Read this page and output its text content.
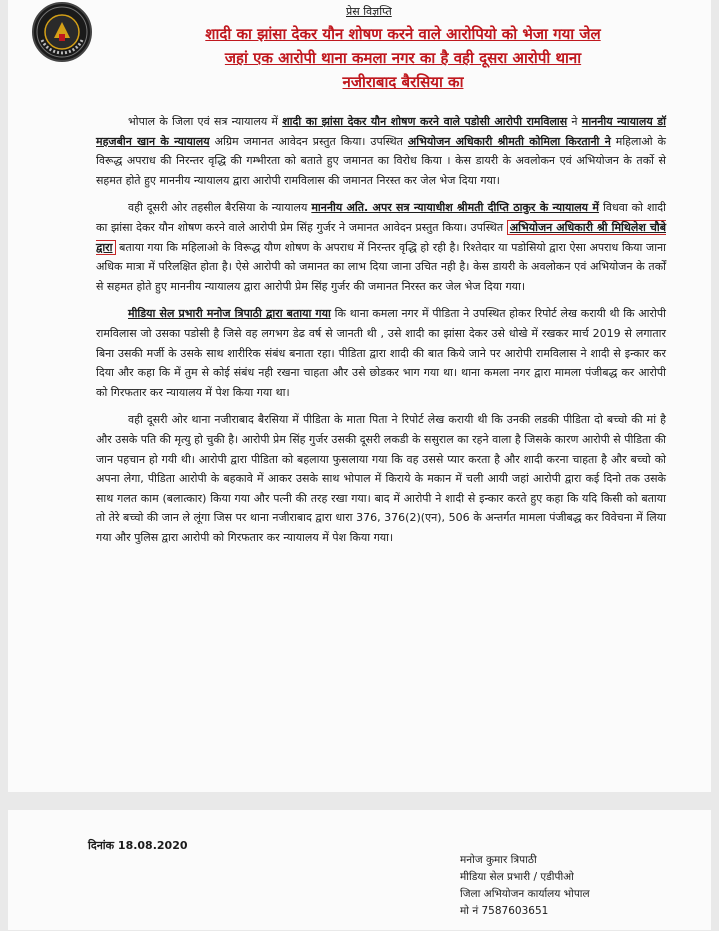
प्रेस विज्ञप्ति
शादी का झांसा देकर यौन शोषण करने वाले आरोपियो को भेजा गया जेल
जहां एक आरोपी थाना कमला नगर का है वही दूसरा आरोपी थाना
नजीराबाद बैरसिया का

भोपाल के जिला एवं सत्र न्यायालय में शादी का झांसा देकर यौन शोषण करने वाले पडोसी आरोपी रामविलास ने माननीय न्यायालय डॉ महजबीन खान के न्यायालय अग्रिम जमानत आवेदन प्रस्तुत किया। उपस्थित अभियोजन अधिकारी श्रीमती कोमिला किरतानी ने महिलाओ के विरूद्ध अपराध की निरन्तर वृद्धि की गम्भीरता को बताते हुए जमानत का विरोध किया । केस डायरी के अवलोकन एवं अभियोजन के तर्को से सहमत होते हुए माननीय न्यायालय द्वारा आरोपी रामविलास की जमानत निरस्त कर जेल भेज दिया गया।

वही दूसरी ओर तहसील बैरसिया के न्यायालय माननीय अति. अपर सत्र न्यायाधीश श्रीमती दीप्ति ठाकुर के न्यायालय में विधवा को शादी का झांसा देकर यौन शोषण करने वाले आरोपी प्रेम सिंह गुर्जर ने जमानत आवेदन प्रस्तुत किया। उपस्थित अभियोजन अधिकारी श्री मिथिलेश चौबे द्वारा बताया गया कि महिलाओ के विरूद्ध यौण शोषण के अपराध में निरन्तर वृद्धि हो रही है। रिश्तेदार या पडोसियो द्वारा ऐसा अपराध किया जाना अधिक मात्रा में परिलक्षित होता है। ऐसे आरोपी को जमानत का लाभ दिया जाना उचित नही है। केस डायरी के अवलोकन एवं अभियोजन के तर्कों से सहमत होते हुए माननीय न्यायालय द्वारा आरोपी प्रेम सिंह गुर्जर की जमानत निरस्त कर जेल भेज दिया गया।

मीडिया सेल प्रभारी मनोज त्रिपाठी द्वारा बताया गया कि थाना कमला नगर में पीडिता ने उपस्थित होकर रिपोर्ट लेख करायी थी कि आरोपी रामविलास जो उसका पडोसी है जिसे वह लगभग डेढ वर्ष से जानती थी , उसे शादी का झांसा देकर उसे धोखे में रखकर मार्च 2019 से लगातार बिना उसकी मर्जी के उसके साथ शारीरिक संबंध बनाता रहा। पीडिता द्वारा शादी की बात किये जाने पर आरोपी रामविलास ने शादी से इन्कार कर दिया और कहा कि में तुम से कोई संबंध नही रखना चाहता और उसे छोडकर भाग गया था। थाना कमला नगर द्वारा मामला पंजीबद्ध कर आरोपी को गिरफतार कर न्यायालय में पेश किया गया था।

वही दूसरी ओर थाना नजीराबाद बैरसिया में पीडिता के माता पिता ने रिपोर्ट लेख करायी थी कि उनकी लडकी पीडिता दो बच्चो की मां है और उसके पति की मृत्यु हो चुकी है। आरोपी प्रेम सिंह गुर्जर उसकी दूसरी लकडी के ससुराल का रहने वाला है जिसके कारण आरोपी से पीडिता की जान पहचान हो गयी थी। आरोपी द्वारा पीडिता को बहलाया फुसलाया गया कि वह उससे प्यार करता है और शादी करना चाहता है और बच्चो को अपना लेगा, पीडिता आरोपी के बहकावे में आकर उसके साथ भोपाल में किराये के मकान में चली आयी जहां आरोपी द्वारा कई दिनो तक उसके साथ गलत काम (बलात्कार) किया गया और पत्नी की तरह रखा गया। बाद में आरोपी ने शादी से इन्कार करते हुए कहा कि यदि किसी को बताया तो तेरे बच्चो की जान ले लूंगा जिस पर थाना नजीराबाद द्वारा धारा 376, 376(2)(एन), 506 के अन्तर्गत मामला पंजीबद्ध कर विवेचना में लिया गया और पुलिस द्वारा आरोपी को गिरफतार कर न्यायालय में पेश किया गया।

दिनांक 18.08.2020
मनोज कुमार त्रिपाठी
मीडिया सेल प्रभारी / एडीपीओ
जिला अभियोजन कार्यालय भोपाल
मो नं 7587603651
